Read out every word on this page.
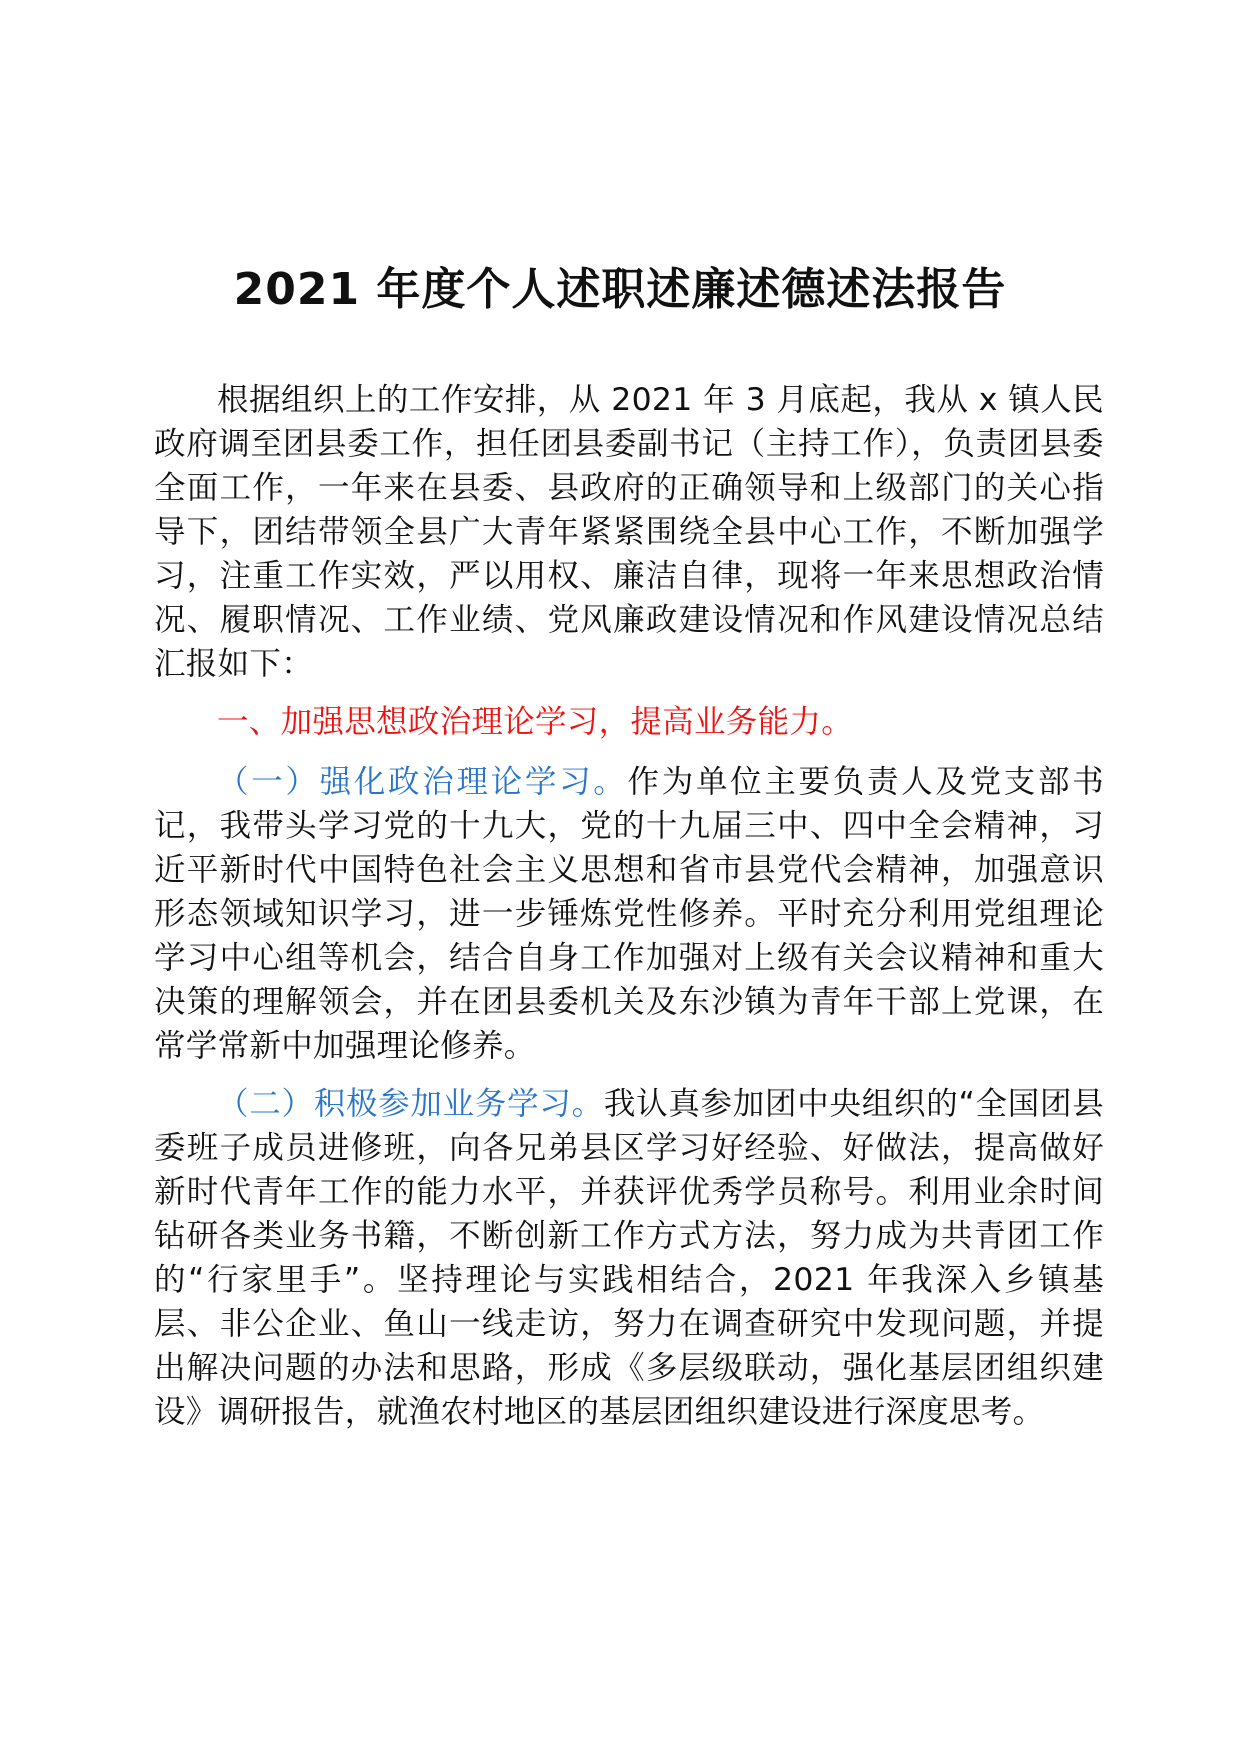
2021 年度个人述职述廉述德述法报告

根据组织上的工作安排，从 2021 年 3 月底起，我从 x 镇人民政府调至团县委工作，担任团县委副书记（主持工作），负责团县委全面工作，一年来在县委、县政府的正确领导和上级部门的关心指导下，团结带领全县广大青年紧紧围绕全县中心工作，不断加强学习，注重工作实效，严以用权、廉洁自律，现将一年来思想政治情况、履职情况、工作业绩、党风廉政建设情况和作风建设情况总结汇报如下：

一、加强思想政治理论学习，提高业务能力。

（一）强化政治理论学习。作为单位主要负责人及党支部书记，我带头学习党的十九大，党的十九届三中、四中全会精神，习近平新时代中国特色社会主义思想和省市县党代会精神，加强意识形态领域知识学习，进一步锤炼党性修养。平时充分利用党组理论学习中心组等机会，结合自身工作加强对上级有关会议精神和重大决策的理解领会，并在团县委机关及东沙镇为青年干部上党课，在常学常新中加强理论修养。

（二）积极参加业务学习。我认真参加团中央组织的“全国团县委班子成员进修班，向各兄弟县区学习好经验、好做法，提高做好新时代青年工作的能力水平，并获评优秀学员称号。利用业余时间钻研各类业务书籍，不断创新工作方式方法，努力成为共青团工作的“行家里手”。坚持理论与实践相结合，2021 年我深入乡镇基层、非公企业、鱼山一线走访，努力在调查研究中发现问题，并提出解决问题的办法和思路，形成《多层级联动，强化基层团组织建设》调研报告，就渔农村地区的基层团组织建设进行深度思考。
